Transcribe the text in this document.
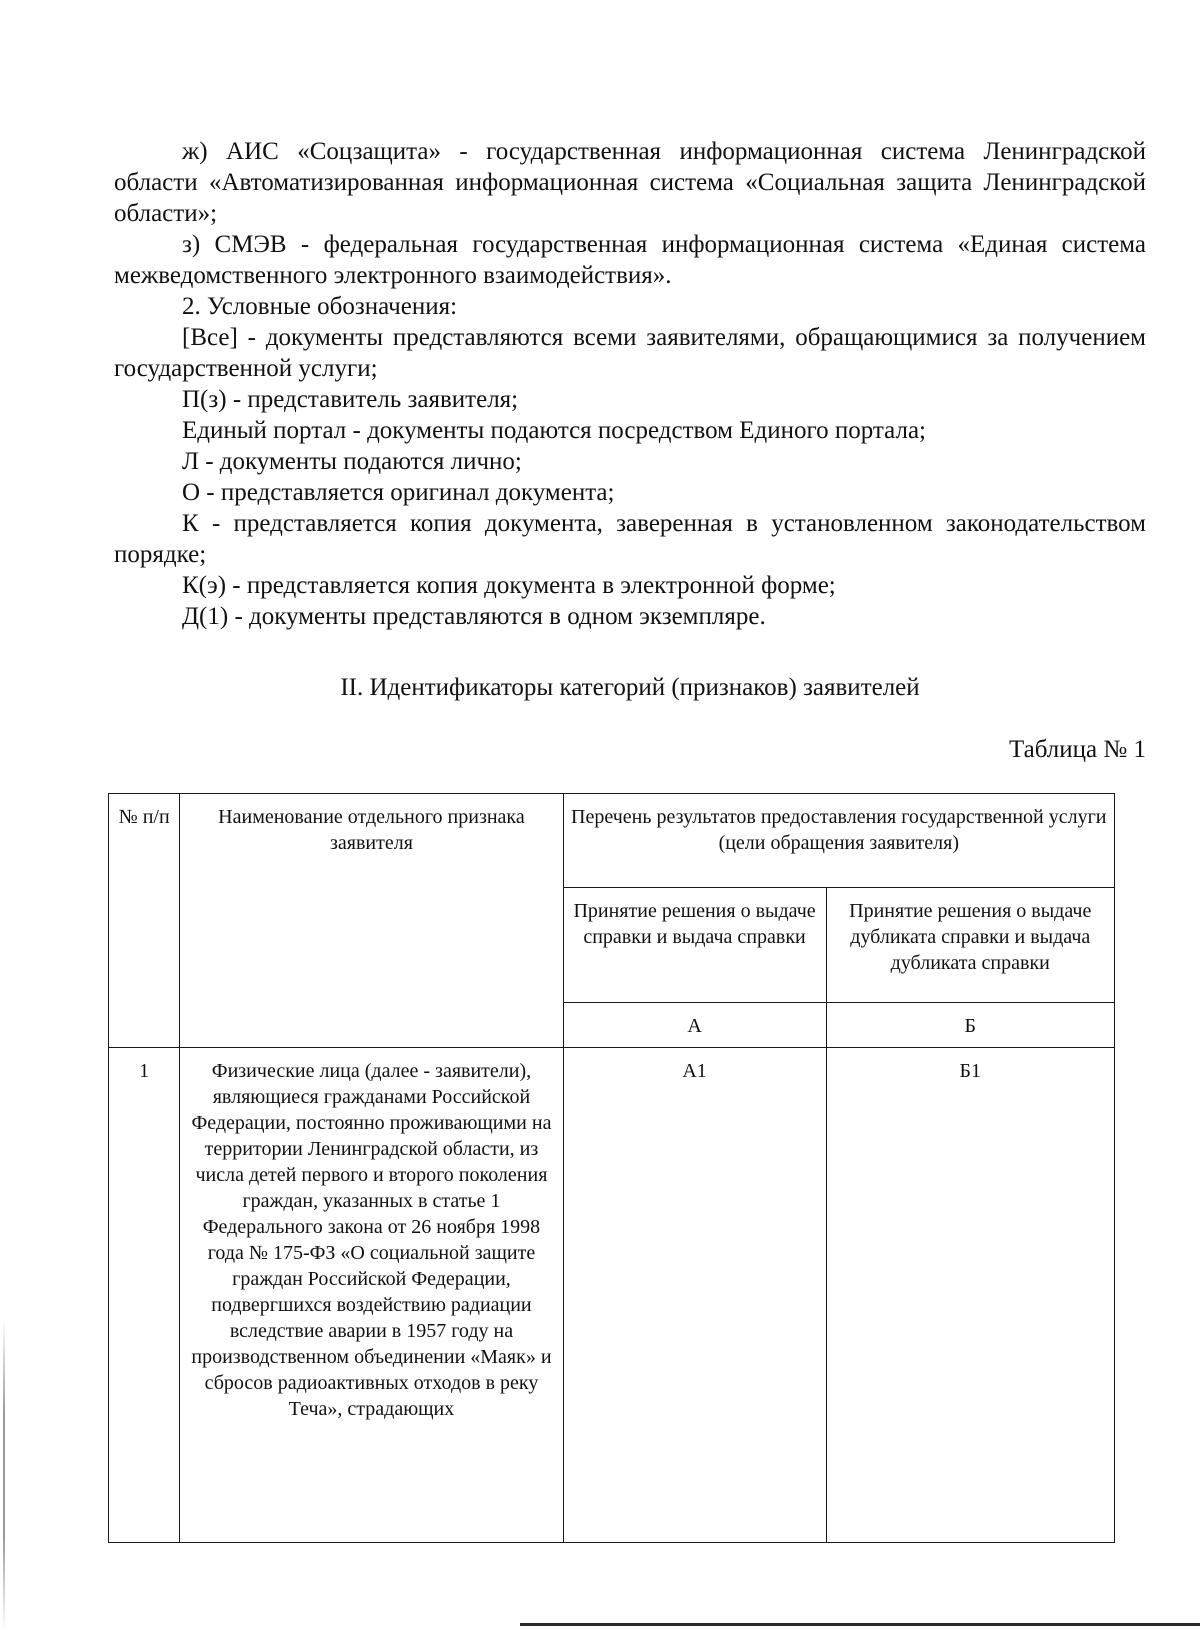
ж) АИС «Соцзащита» - государственная информационная система Ленинградской области «Автоматизированная информационная система «Социальная защита Ленинградской области»;

з) СМЭВ - федеральная государственная информационная система «Единая система межведомственного электронного взаимодействия».

2. Условные обозначения:

[Все] - документы представляются всеми заявителями, обращающимися за получением государственной услуги;

П(з) - представитель заявителя;

Единый портал - документы подаются посредством Единого портала;

Л - документы подаются лично;

О - представляется оригинал документа;

К - представляется копия документа, заверенная в установленном законодательством порядке;

К(э) - представляется копия документа в электронной форме;

Д(1) - документы представляются в одном экземпляре.

II. Идентификаторы категорий (признаков) заявителей
Таблица № 1
№ п/п	Наименование отдельного признака заявителя	Перечень результатов предоставления государственной услуги (цели обращения заявителя)	
		Принятие решения о выдаче справки и выдача справки	Принятие решения о выдаче дубликата справки и выдача дубликата справки
		А	Б
1	Физические лица (далее - заявители), являющиеся гражданами Российской Федерации, постоянно проживающими на территории Ленинградской области, из числа детей первого и второго поколения граждан, указанных в статье 1 Федерального закона от 26 ноября 1998 года № 175-ФЗ «О социальной защите граждан Российской Федерации, подвергшихся воздействию радиации вследствие аварии в 1957 году на производственном объединении «Маяк» и сбросов радиоактивных отходов в реку Теча», страдающих	А1	Б1
